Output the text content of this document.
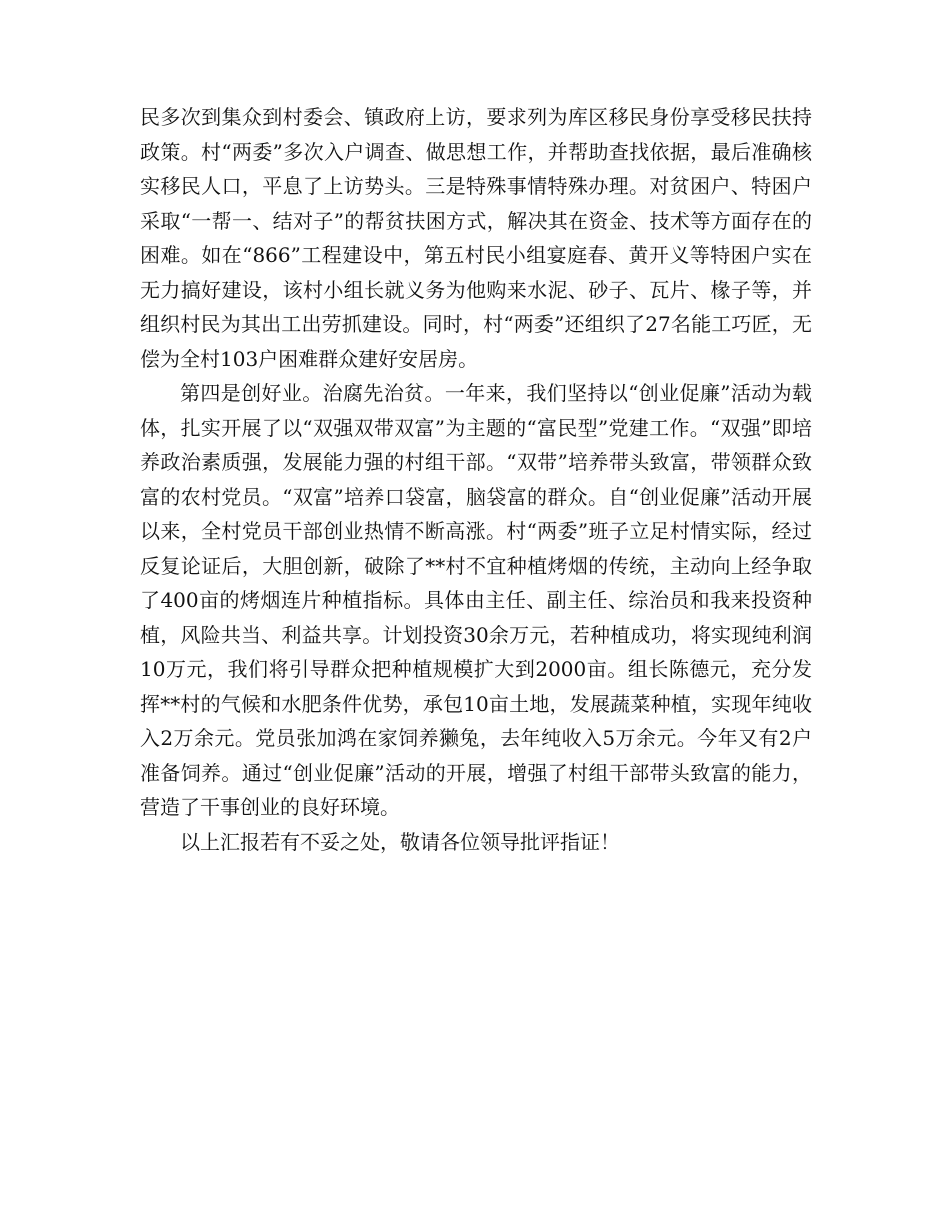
民多次到集众到村委会、镇政府上访，要求列为库区移民身份享受移民扶持政策。村“两委”多次入户调查、做思想工作，并帮助查找依据，最后准确核实移民人口，平息了上访势头。三是特殊事情特殊办理。对贫困户、特困户采取“一帮一、结对子”的帮贫扶困方式，解决其在资金、技术等方面存在的困难。如在“866”工程建设中，第五村民小组宴庭春、黄开义等特困户实在无力搞好建设，该村小组长就义务为他购来水泥、砂子、瓦片、椽子等，并组织村民为其出工出劳抓建设。同时，村“两委”还组织了27名能工巧匠，无偿为全村103户困难群众建好安居房。

第四是创好业。治腐先治贫。一年来，我们坚持以“创业促廉”活动为载体，扎实开展了以“双强双带双富”为主题的“富民型”党建工作。“双强”即培养政治素质强，发展能力强的村组干部。“双带”培养带头致富，带领群众致富的农村党员。“双富”培养口袋富，脑袋富的群众。自“创业促廉”活动开展以来，全村党员干部创业热情不断高涨。村“两委”班子立足村情实际，经过反复论证后，大胆创新，破除了**村不宜种植烤烟的传统，主动向上经争取了400亩的烤烟连片种植指标。具体由主任、副主任、综治员和我来投资种植，风险共当、利益共享。计划投资30余万元，若种植成功，将实现纯利润10万元，我们将引导群众把种植规模扩大到2000亩。组长陈德元，充分发挥**村的气候和水肥条件优势，承包10亩土地，发展蔬菜种植，实现年纯收入2万余元。党员张加鸿在家饲养獭兔，去年纯收入5万余元。今年又有2户准备饲养。通过“创业促廉”活动的开展，增强了村组干部带头致富的能力，营造了干事创业的良好环境。

以上汇报若有不妥之处，敬请各位领导批评指证！
